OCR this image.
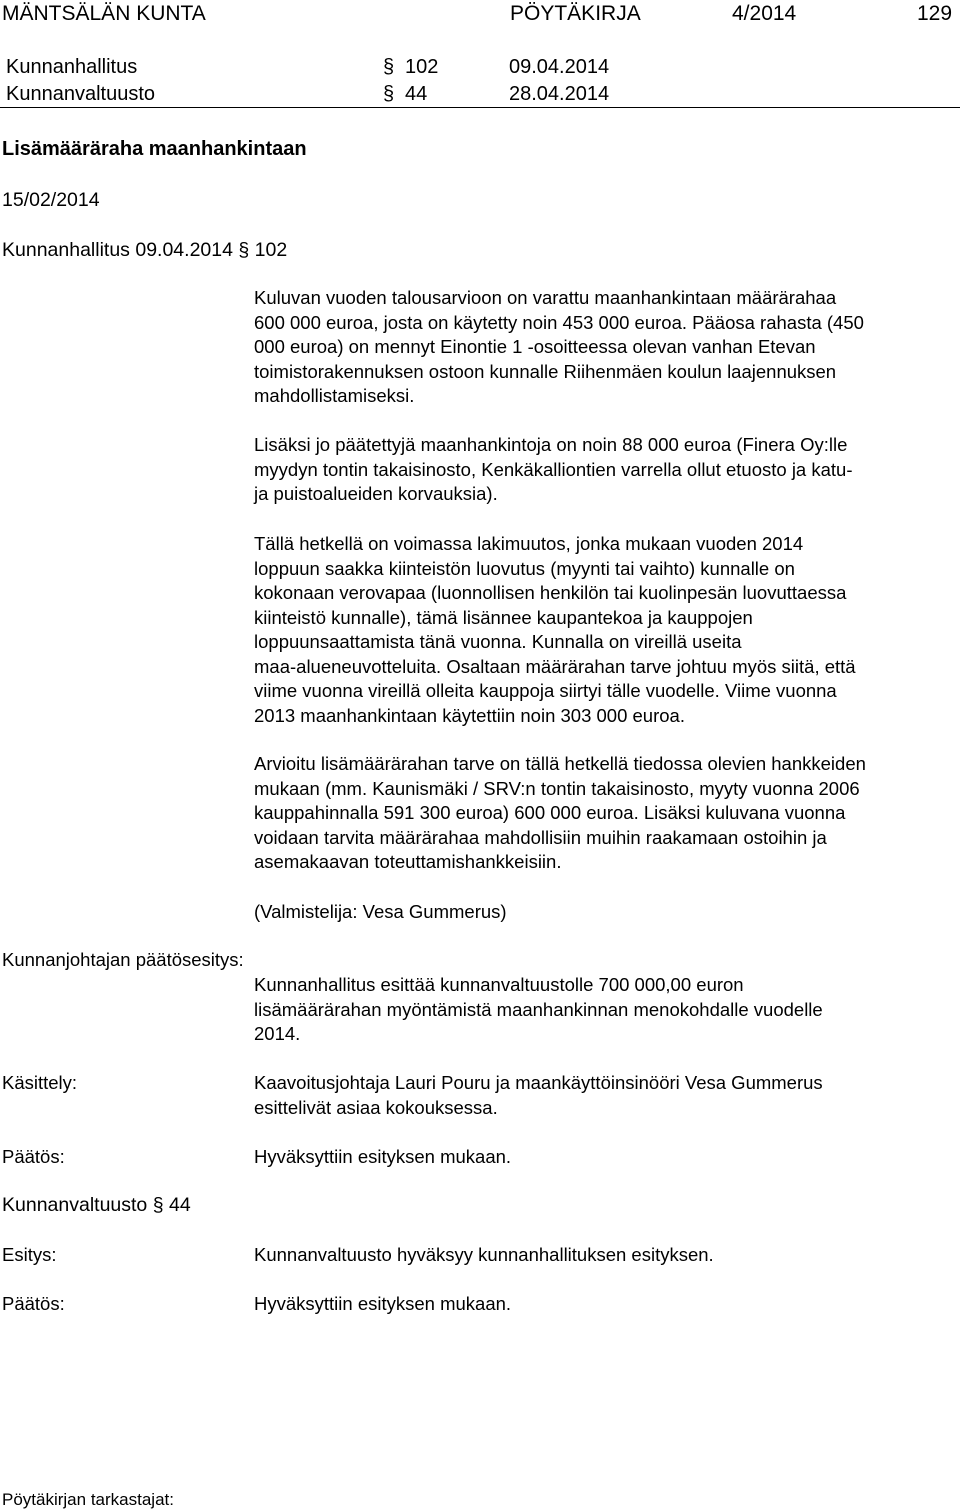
MÄNTSÄLÄN KUNTA	PÖYTÄKIRJA	4/2014	129
Kunnanhallitus	§ 102	09.04.2014
Kunnanvaltuusto	§ 44	28.04.2014
Lisämääräraha maanhankintaan
15/02/2014
Kunnanhallitus 09.04.2014 § 102

Kuluvan vuoden talousarvioon on varattu maanhankintaan määrärahaa

600 000 euroa, josta on käytetty noin 453 000 euroa. Pääosa rahasta (450

000 euroa) on mennyt Einontie 1 -osoitteessa olevan vanhan Etevan

toimistorakennuksen ostoon kunnalle Riihenmäen koulun laajennuksen

mahdollistamiseksi.

Lisäksi jo päätettyjä maanhankintoja on noin 88 000 euroa (Finera Oy:lle

myydyn tontin takaisinosto, Kenkäkalliontien varrella ollut etuosto ja katu-

ja puistoalueiden korvauksia).

Tällä hetkellä on voimassa lakimuutos, jonka mukaan vuoden 2014

loppuun saakka kiinteistön luovutus (myynti tai vaihto) kunnalle on

kokonaan verovapaa (luonnollisen henkilön tai kuolinpesän luovuttaessa

kiinteistö kunnalle), tämä lisännee kaupantekoa ja kauppojen

loppuunsaattamista tänä vuonna. Kunnalla on vireillä useita

maa-alueneuvotteluita. Osaltaan määrärahan tarve johtuu myös siitä, että

viime vuonna vireillä olleita kauppoja siirtyi tälle vuodelle. Viime vuonna

2013 maanhankintaan käytettiin noin 303 000 euroa.

Arvioitu lisämäärärahan tarve on tällä hetkellä tiedossa olevien hankkeiden

mukaan (mm. Kaunismäki / SRV:n tontin takaisinosto, myyty vuonna 2006

kauppahinnalla 591 300 euroa) 600 000 euroa. Lisäksi kuluvana vuonna

voidaan tarvita määrärahaa mahdollisiin muihin raakamaan ostoihin ja

asemakaavan toteuttamishankkeisiin.

(Valmistelija: Vesa Gummerus)
Kunnanjohtajan päätösesitys:

Kunnanhallitus esittää kunnanvaltuustolle 700 000,00 euron

lisämäärärahan myöntämistä maanhankinnan menokohdalle vuodelle

2014.

Käsittely:	Kaavoitusjohtaja Lauri Pouru ja maankäyttöinsinööri Vesa Gummerus

esittelivät asiaa kokouksessa.

Päätös:	Hyväksyttiin esityksen mukaan.
Kunnanvaltuusto § 44
Esitys:	Kunnanvaltuusto hyväksyy kunnanhallituksen esityksen.
Päätös:	Hyväksyttiin esityksen mukaan.
Pöytäkirjan tarkastajat:
